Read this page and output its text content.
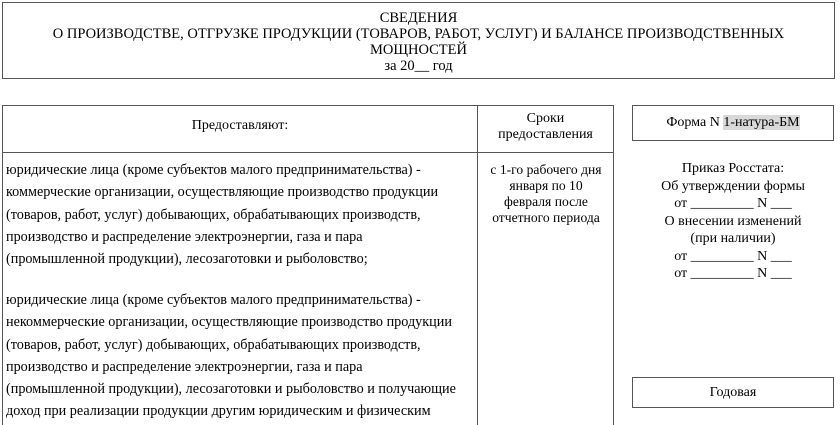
СВЕДЕНИЯ
О ПРОИЗВОДСТВЕ, ОТГРУЗКЕ ПРОДУКЦИИ (ТОВАРОВ, РАБОТ, УСЛУГ) И БАЛАНСЕ ПРОИЗВОДСТВЕННЫХ
МОЩНОСТЕЙ
за 20__ год
Предоставляют:	Сроки
предоставления
юридические лица (кроме субъектов малого предпринимательства) -
коммерческие организации, осуществляющие производство продукции
(товаров, работ, услуг) добывающих, обрабатывающих производств,
производство и распределение электроэнергии, газа и пара
(промышленной продукции), лесозаготовки и рыболовство;
юридические лица (кроме субъектов малого предпринимательства) -
некоммерческие организации, осуществляющие производство продукции
(товаров, работ, услуг) добывающих, обрабатывающих производств,
производство и распределение электроэнергии, газа и пара
(промышленной продукции), лесозаготовки и рыболовство и получающие
доход при реализации продукции другим юридическим и физическим
с 1-го рабочего дня
января по 10
февраля после
отчетного периода
Форма N 1-натура-БМ
Приказ Росстата:
Об утверждении формы
от _________ N ___
О внесении изменений
(при наличии)
от _________ N ___
от _________ N ___
Годовая
